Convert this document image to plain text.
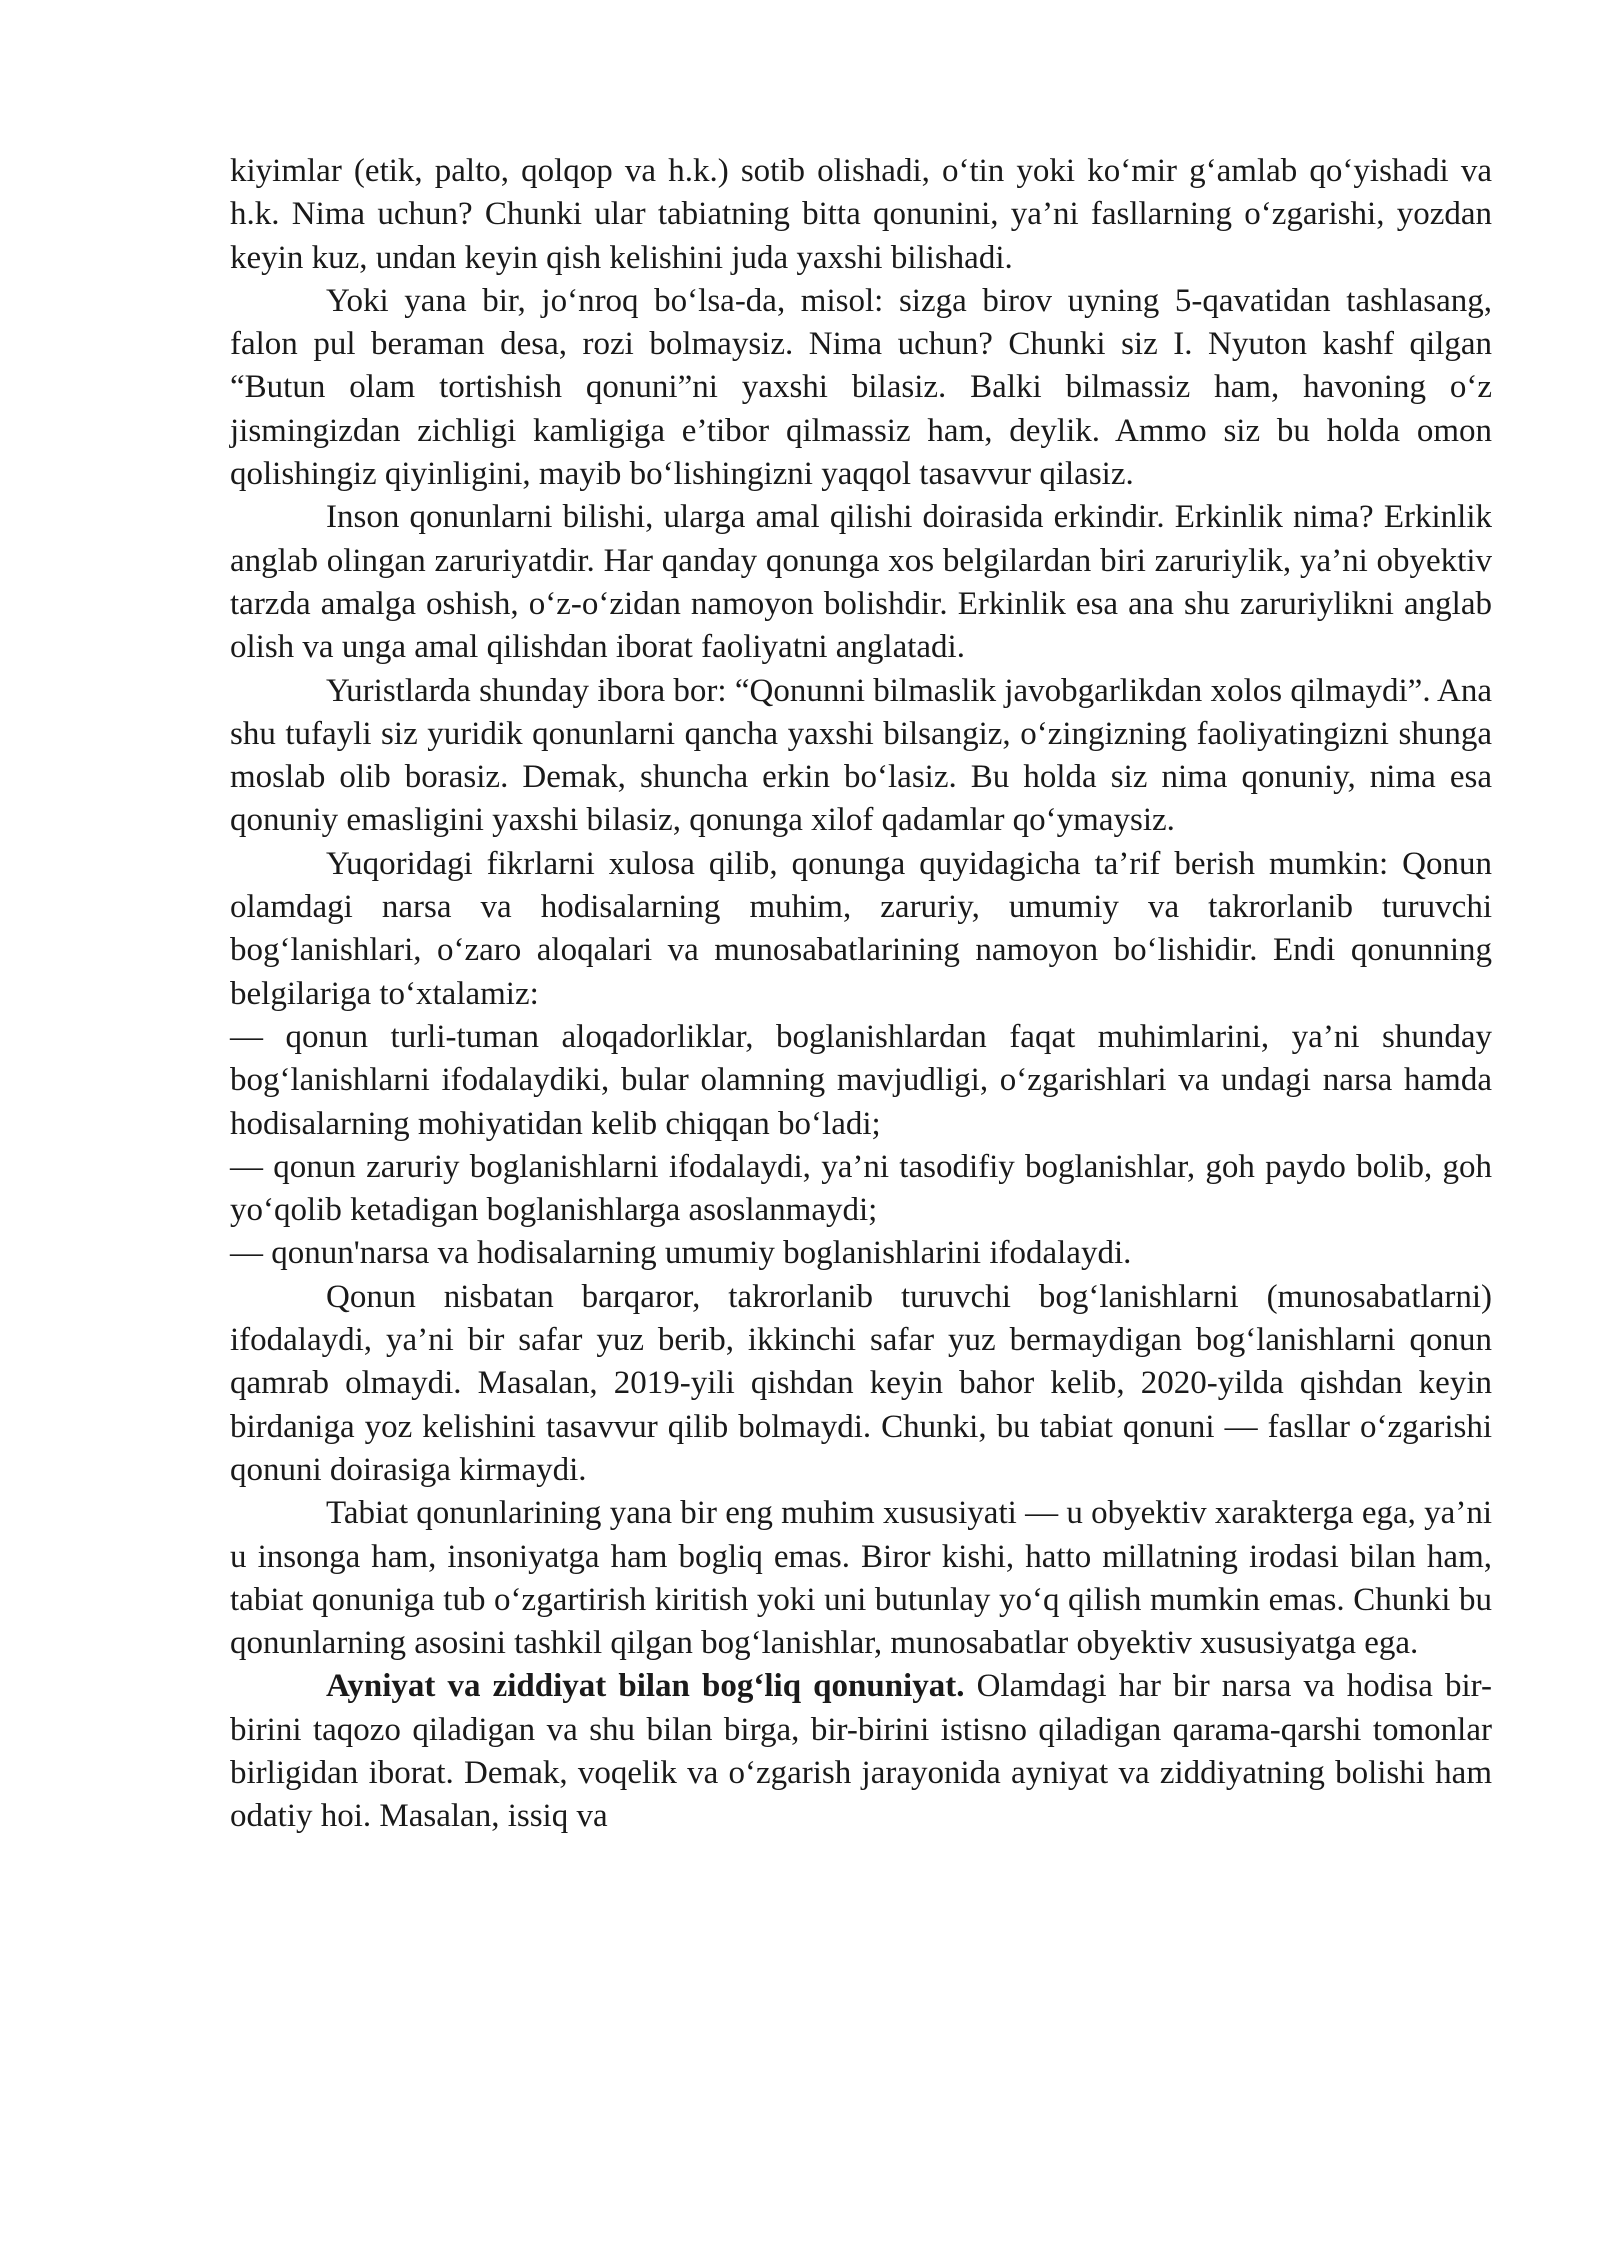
kiyimlar (etik, palto, qolqop va h.k.) sotib olishadi, o‘tin yoki ko‘mir g‘amlab qo‘yishadi va h.k. Nima uchun? Chunki ular tabiatning bitta qonunini, ya’ni fasllarning o‘zgarishi, yozdan keyin kuz, undan keyin qish kelishini juda yaxshi bilishadi.

Yoki yana bir, jo‘nroq bo‘lsa-da, misol: sizga birov uyning 5-qavatidan tashlasang, falon pul beraman desa, rozi bolmaysiz. Nima uchun? Chunki siz I. Nyuton kashf qilgan “Butun olam tortishish qonuni”ni yaxshi bilasiz. Balki bilmassiz ham, havoning o‘z jismingizdan zichligi kamligiga e’tibor qilmassiz ham, deylik. Ammo siz bu holda omon qolishingiz qiyinligini, mayib bo‘lishingizni yaqqol tasavvur qilasiz.

Inson qonunlarni bilishi, ularga amal qilishi doirasida erkindir. Erkinlik nima? Erkinlik anglab olingan zaruriyatdir. Har qanday qonunga xos belgilardan biri zaruriylik, ya’ni obyektiv tarzda amalga oshish, o‘z-o‘zidan namoyon bolishdir. Erkinlik esa ana shu zaruriylikni anglab olish va unga amal qilishdan iborat faoliyatni anglatadi.

Yuristlarda shunday ibora bor: “Qonunni bilmaslik javobgarlikdan xolos qilmaydi”. Ana shu tufayli siz yuridik qonunlarni qancha yaxshi bilsangiz, o‘zingizning faoliyatingizni shunga moslab olib borasiz. Demak, shuncha erkin bo‘lasiz. Bu holda siz nima qonuniy, nima esa qonuniy emasligini yaxshi bilasiz, qonunga xilof qadamlar qo‘ymaysiz.

Yuqoridagi fikrlarni xulosa qilib, qonunga quyidagicha ta’rif berish mumkin: Qonun olamdagi narsa va hodisalarning muhim, zaruriy, umumiy va takrorlanib turuvchi bog‘lanishlari, o‘zaro aloqalari va munosabatlarining namoyon bo‘lishidir. Endi qonunning belgilariga to‘xtalamiz:

— qonun turli-tuman aloqadorliklar, boglanishlardan faqat muhimlarini, ya’ni shunday bog‘lanishlarni ifodalaydiki, bular olamning mavjudligi, o‘zgarishlari va undagi narsa hamda hodisalarning mohiyatidan kelib chiqqan bo‘ladi;

— qonun zaruriy boglanishlarni ifodalaydi, ya’ni tasodifiy boglanishlar, goh paydo bolib, goh yo‘qolib ketadigan boglanishlarga asoslanmaydi;

— qonun'narsa va hodisalarning umumiy boglanishlarini ifodalaydi.

Qonun nisbatan barqaror, takrorlanib turuvchi bog‘lanishlarni (munosabatlarni) ifodalaydi, ya’ni bir safar yuz berib, ikkinchi safar yuz bermaydigan bog‘lanishlarni qonun qamrab olmaydi. Masalan, 2019-yili qishdan keyin bahor kelib, 2020-yilda qishdan keyin birdaniga yoz kelishini tasavvur qilib bolmaydi. Chunki, bu tabiat qonuni — fasllar o‘zgarishi qonuni doirasiga kirmaydi.

Tabiat qonunlarining yana bir eng muhim xususiyati — u obyektiv xarakterga ega, ya’ni u insonga ham, insoniyatga ham bogliq emas. Biror kishi, hatto millatning irodasi bilan ham, tabiat qonuniga tub o‘zgartirish kiritish yoki uni butunlay yo‘q qilish mumkin emas. Chunki bu qonunlarning asosini tashkil qilgan bog‘lanishlar, munosabatlar obyektiv xususiyatga ega.

Ayniyat va ziddiyat bilan bog‘liq qonuniyat. Olamdagi har bir narsa va hodisa bir-birini taqozo qiladigan va shu bilan birga, bir-birini istisno qiladigan qarama-qarshi tomonlar birligidan iborat. Demak, voqelik va o‘zgarish jarayonida ayniyat va ziddiyatning bolishi ham odatiy hoi. Masalan, issiq va
